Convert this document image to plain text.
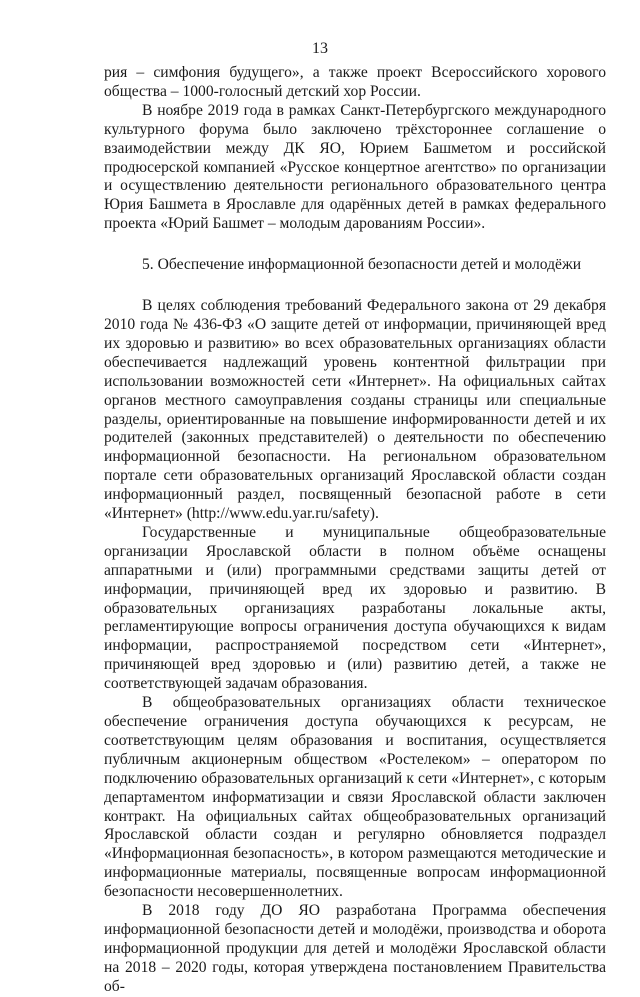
13

рия – симфония будущего», а также проект Всероссийского хорового общества – 1000-голосный детский хор России.

В ноябре 2019 года в рамках Санкт-Петербургского международного культурного форума было заключено трёхстороннее соглашение о взаимодействии между ДК ЯО, Юрием Башметом и российской продюсерской компанией «Русское концертное агентство» по организации и осуществлению деятельности регионального образовательного центра Юрия Башмета в Ярославле для одарённых детей в рамках федерального проекта «Юрий Башмет – молодым дарованиям России».

5. Обеспечение информационной безопасности детей и молодёжи

В целях соблюдения требований Федерального закона от 29 декабря 2010 года № 436-ФЗ «О защите детей от информации, причиняющей вред их здоровью и развитию» во всех образовательных организациях области обеспечивается надлежащий уровень контентной фильтрации при использовании возможностей сети «Интернет». На официальных сайтах органов местного самоуправления созданы страницы или специальные разделы, ориентированные на повышение информированности детей и их родителей (законных представителей) о деятельности по обеспечению информационной безопасности. На региональном образовательном портале сети образовательных организаций Ярославской области создан информационный раздел, посвященный безопасной работе в сети «Интернет» (http://www.edu.yar.ru/safety).

Государственные и муниципальные общеобразовательные организации Ярославской области в полном объёме оснащены аппаратными и (или) программными средствами защиты детей от информации, причиняющей вред их здоровью и развитию. В образовательных организациях разработаны локальные акты, регламентирующие вопросы ограничения доступа обучающихся к видам информации, распространяемой посредством сети «Интернет», причиняющей вред здоровью и (или) развитию детей, а также не соответствующей задачам образования.

В общеобразовательных организациях области техническое обеспечение ограничения доступа обучающихся к ресурсам, не соответствующим целям образования и воспитания, осуществляется публичным акционерным обществом «Ростелеком» – оператором по подключению образовательных организаций к сети «Интернет», с которым департаментом информатизации и связи Ярославской области заключен контракт. На официальных сайтах общеобразовательных организаций Ярославской области создан и регулярно обновляется подраздел «Информационная безопасность», в котором размещаются методические и информационные материалы, посвященные вопросам информационной безопасности несовершеннолетних.

В 2018 году ДО ЯО разработана Программа обеспечения информационной безопасности детей и молодёжи, производства и оборота информационной продукции для детей и молодёжи Ярославской области на 2018 – 2020 годы, которая утверждена постановлением Правительства об-
